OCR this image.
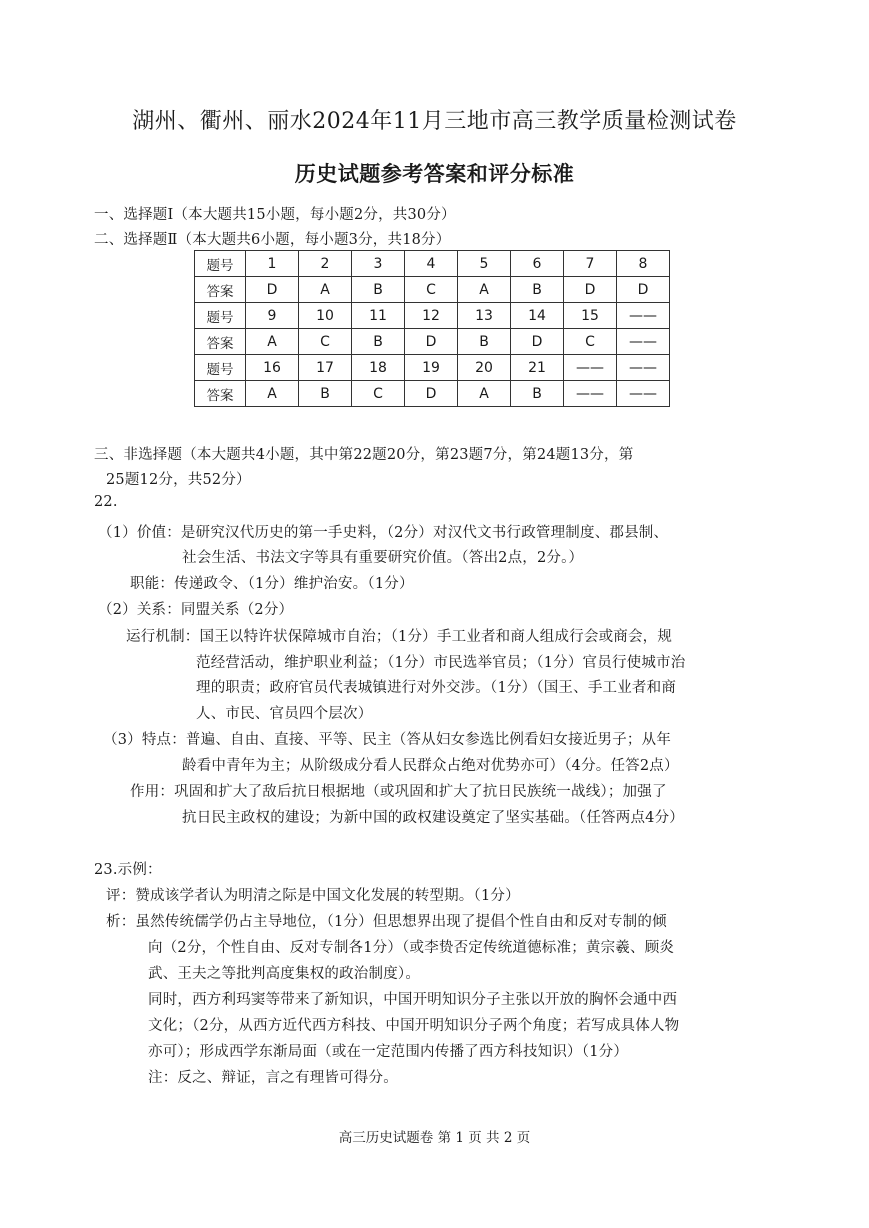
湖州、衢州、丽水2024年11月三地市高三教学质量检测试卷
历史试题参考答案和评分标准
一、选择题Ⅰ（本大题共15小题，每小题2分，共30分）
二、选择题Ⅱ（本大题共6小题，每小题3分，共18分）
题号	1	2	3	4	5	6	7	8
答案	D	A	B	C	A	B	D	D
题号	9	10	11	12	13	14	15	——
答案	A	C	B	D	B	D	C	——
题号	16	17	18	19	20	21	——	——
答案	A	B	C	D	A	B	——	——
三、非选择题（本大题共4小题，其中第22题20分，第23题7分，第24题13分，第
25题12分，共52分）
22.
（1）价值：是研究汉代历史的第一手史料，（2分）对汉代文书行政管理制度、郡县制、
社会生活、书法文字等具有重要研究价值。（答出2点，2分。）
职能：传递政令、（1分）维护治安。（1分）
（2）关系：同盟关系（2分）
运行机制：国王以特许状保障城市自治；（1分）手工业者和商人组成行会或商会，规
范经营活动，维护职业利益；（1分）市民选举官员；（1分）官员行使城市治
理的职责；政府官员代表城镇进行对外交涉。（1分）（国王、手工业者和商
人、市民、官员四个层次）
（3）特点：普遍、自由、直接、平等、民主（答从妇女参选比例看妇女接近男子；从年
龄看中青年为主；从阶级成分看人民群众占绝对优势亦可）（4分。任答2点）
作用：巩固和扩大了敌后抗日根据地（或巩固和扩大了抗日民族统一战线）；加强了
抗日民主政权的建设；为新中国的政权建设奠定了坚实基础。（任答两点4分）
23.示例：
评：赞成该学者认为明清之际是中国文化发展的转型期。（1分）
析：虽然传统儒学仍占主导地位，（1分）但思想界出现了提倡个性自由和反对专制的倾
向（2分，个性自由、反对专制各1分）（或李贽否定传统道德标准；黄宗羲、顾炎
武、王夫之等批判高度集权的政治制度）。
同时，西方利玛窦等带来了新知识，中国开明知识分子主张以开放的胸怀会通中西
文化；（2分，从西方近代西方科技、中国开明知识分子两个角度；若写成具体人物
亦可）；形成西学东渐局面（或在一定范围内传播了西方科技知识）（1分）
注：反之、辩证，言之有理皆可得分。
高三历史试题卷 第 1 页 共 2 页
